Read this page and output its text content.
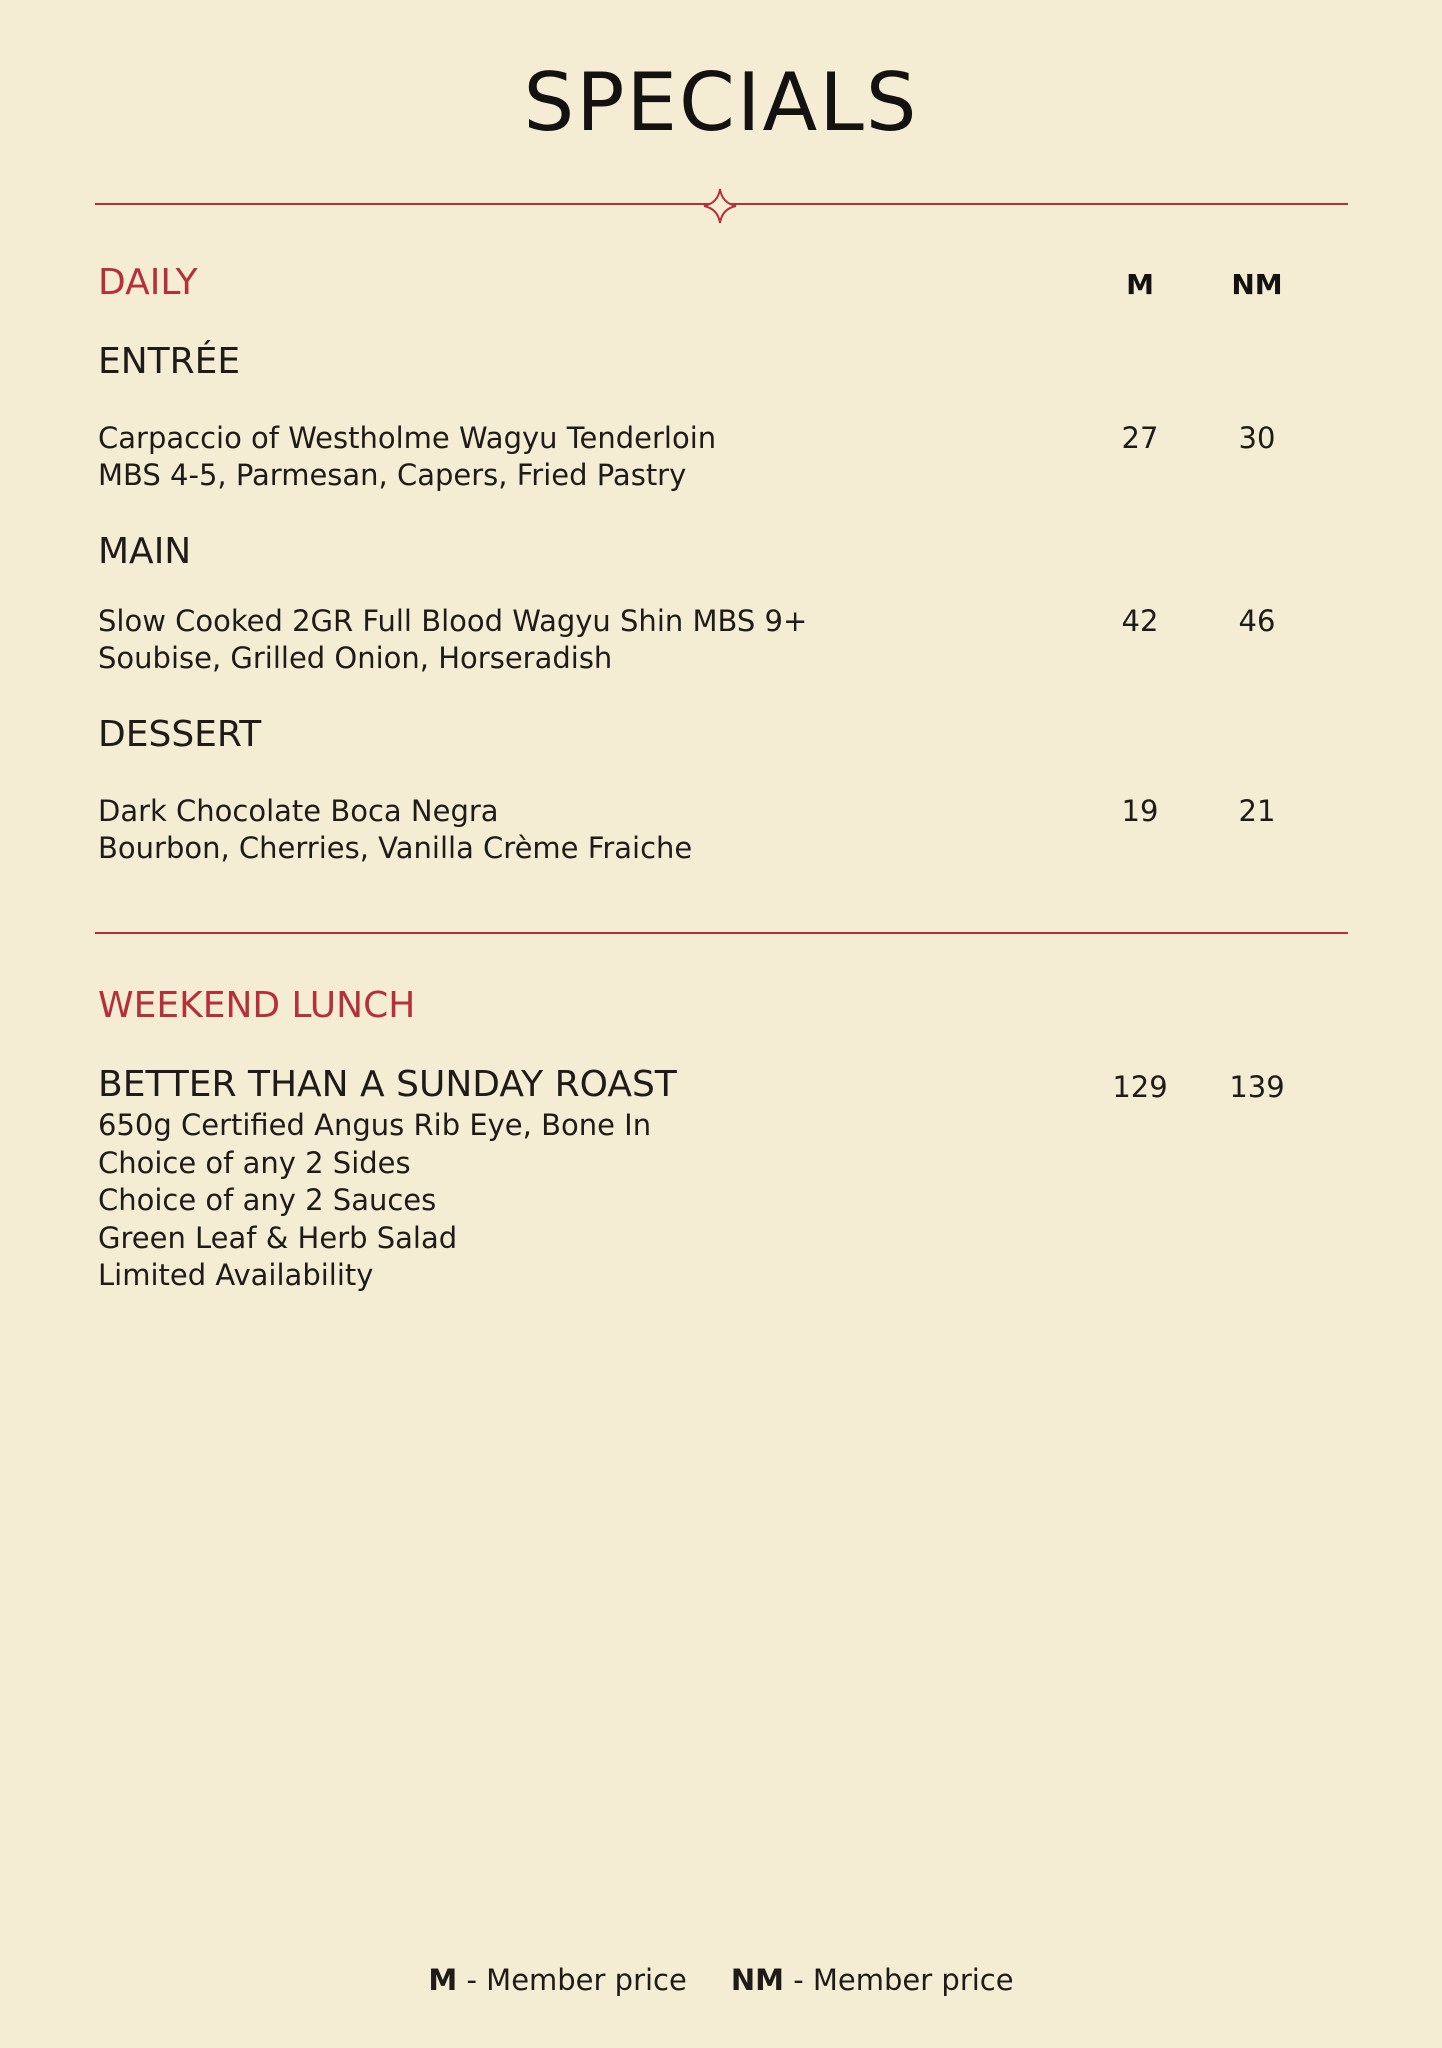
SPECIALS
DAILY	M	NM
ENTRÉE
Carpaccio of Westholme Wagyu Tenderloin
MBS 4-5, Parmesan, Capers, Fried Pastry
27	30
MAIN
Slow Cooked 2GR Full Blood Wagyu Shin MBS 9+
Soubise, Grilled Onion, Horseradish
42	46
DESSERT
Dark Chocolate Boca Negra
Bourbon, Cherries, Vanilla Crème Fraiche
19	21
WEEKEND LUNCH
BETTER THAN A SUNDAY ROAST	129	139
650g Certified Angus Rib Eye, Bone In
Choice of any 2 Sides
Choice of any 2 Sauces
Green Leaf & Herb Salad
Limited Availability
M - Member price NM - Member price
